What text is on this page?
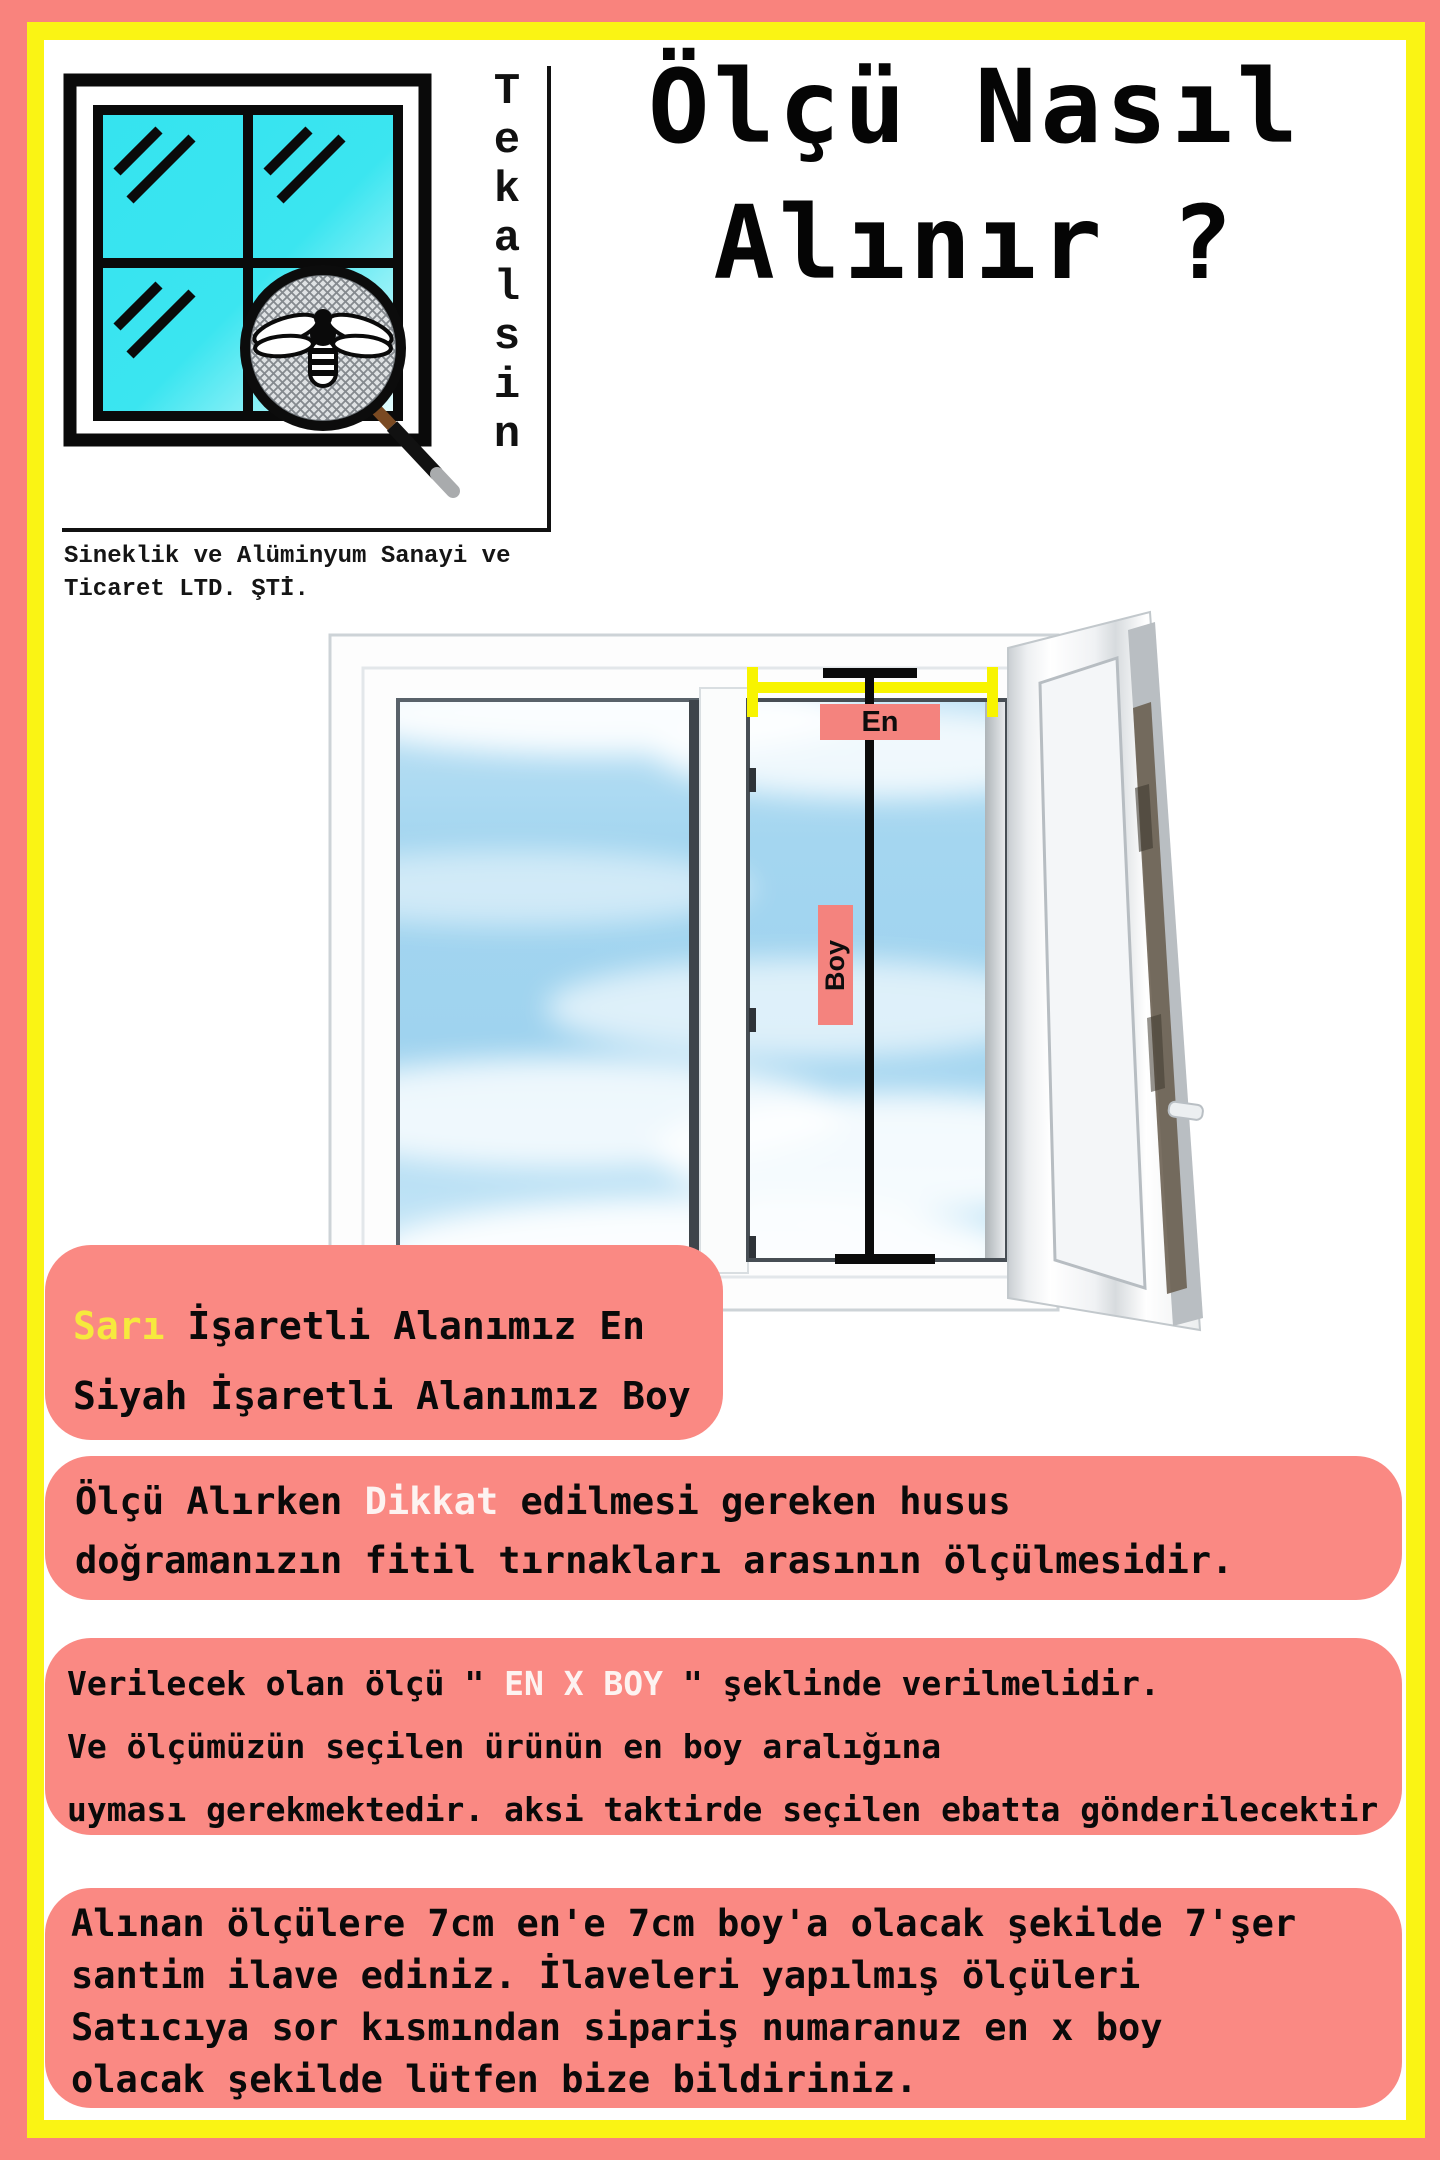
Tekalsin
Sineklik ve Alüminyum Sanayi ve
Ticaret LTD. ŞTİ.
Ölçü Nasıl
Alınır ?
En
Boy
Sarı İşaretli Alanımız En
Siyah İşaretli Alanımız Boy
Ölçü Alırken Dikkat edilmesi gereken husus
doğramanızın fitil tırnakları arasının ölçülmesidir.
Verilecek olan ölçü " EN X BOY " şeklinde verilmelidir.
Ve ölçümüzün seçilen ürünün en boy aralığına
uyması gerekmektedir. aksi taktirde seçilen ebatta gönderilecektir
Alınan ölçülere 7cm en'e 7cm boy'a olacak şekilde 7'şer
santim ilave ediniz. İlaveleri yapılmış ölçüleri
Satıcıya sor kısmından sipariş numaranuz en x boy
olacak şekilde lütfen bize bildiriniz.
